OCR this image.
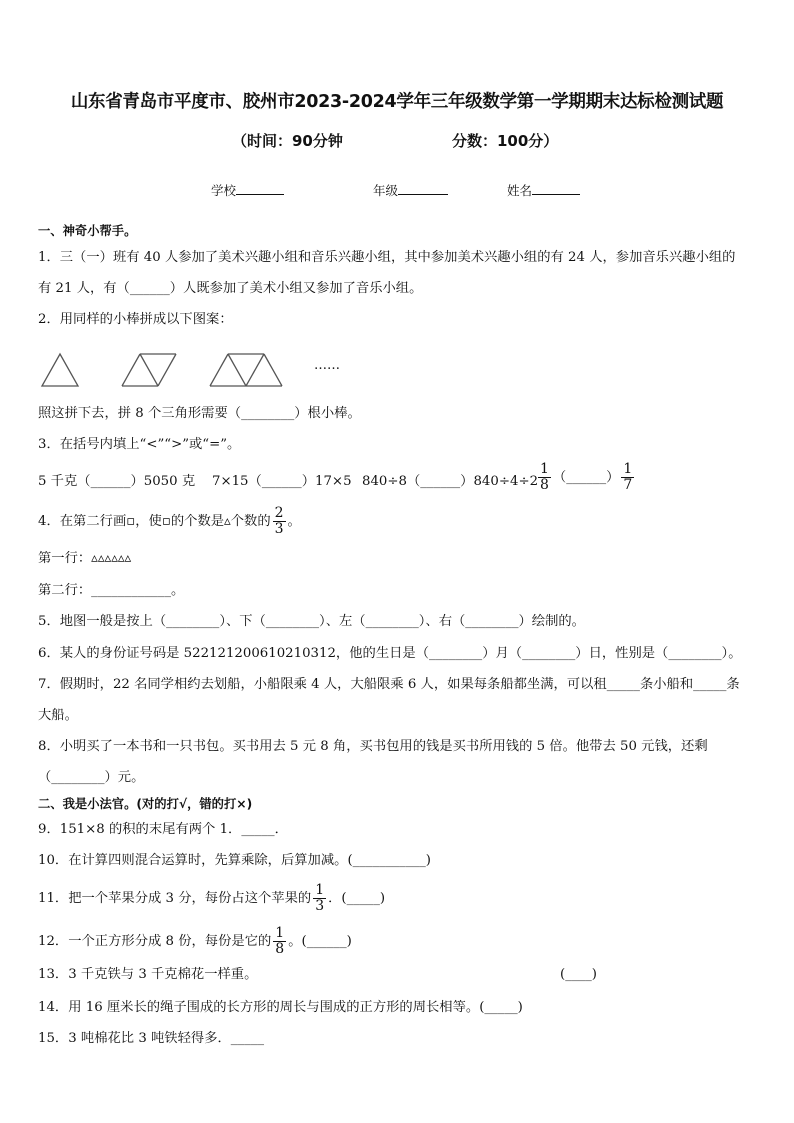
山东省青岛市平度市、胶州市2023-2024学年三年级数学第一学期期末达标检测试题
（时间：90分钟	分数：100分）
学校	年级	姓名
一、神奇小帮手。
1．三（一）班有 40 人参加了美术兴趣小组和音乐兴趣小组，其中参加美术兴趣小组的有 24 人，参加音乐兴趣小组的
有 21 人，有（______）人既参加了美术小组又参加了音乐小组。
2．用同样的小棒拼成以下图案：
……
照这拼下去，拼 8 个三角形需要（________）根小棒。
3．在括号内填上“<”“>”或“=”。
5 千克（______）5050 克 7×15（______）17×5 840÷8（______）840÷4÷2 $\frac{1}{8}$ （______） $\frac{1}{7}$
4．在第二行画▫，使▫的个数是▵个数的 $\frac{2}{3}$ 。
第一行：▵▵▵▵▵▵
第二行：____________。
5．地图一般是按上（________）、下（________）、左（________）、右（________）绘制的。
6．某人的身份证号码是 522121200610210312，他的生日是（________）月（________）日，性别是（________）。
7．假期时，22 名同学相约去划船，小船限乘 4 人，大船限乘 6 人，如果每条船都坐满，可以租_____条小船和_____条
大船。
8．小明买了一本书和一只书包。买书用去 5 元 8 角，买书包用的钱是买书所用钱的 5 倍。他带去 50 元钱，还剩
（________）元。
二、我是小法官。(对的打√，错的打×)
9．151×8 的积的末尾有两个 1．_____．
10．在计算四则混合运算时，先算乘除，后算加减。(___________)
11．把一个苹果分成 3 分，每份占这个苹果的 $\frac{1}{3}$ ．(_____)
12．一个正方形分成 8 份，每份是它的 $\frac{1}{8}$ 。(______)
13．3 千克铁与 3 千克棉花一样重。	(____)
14．用 16 厘米长的绳子围成的长方形的周长与围成的正方形的周长相等。(_____)
15．3 吨棉花比 3 吨铁轻得多．_____
